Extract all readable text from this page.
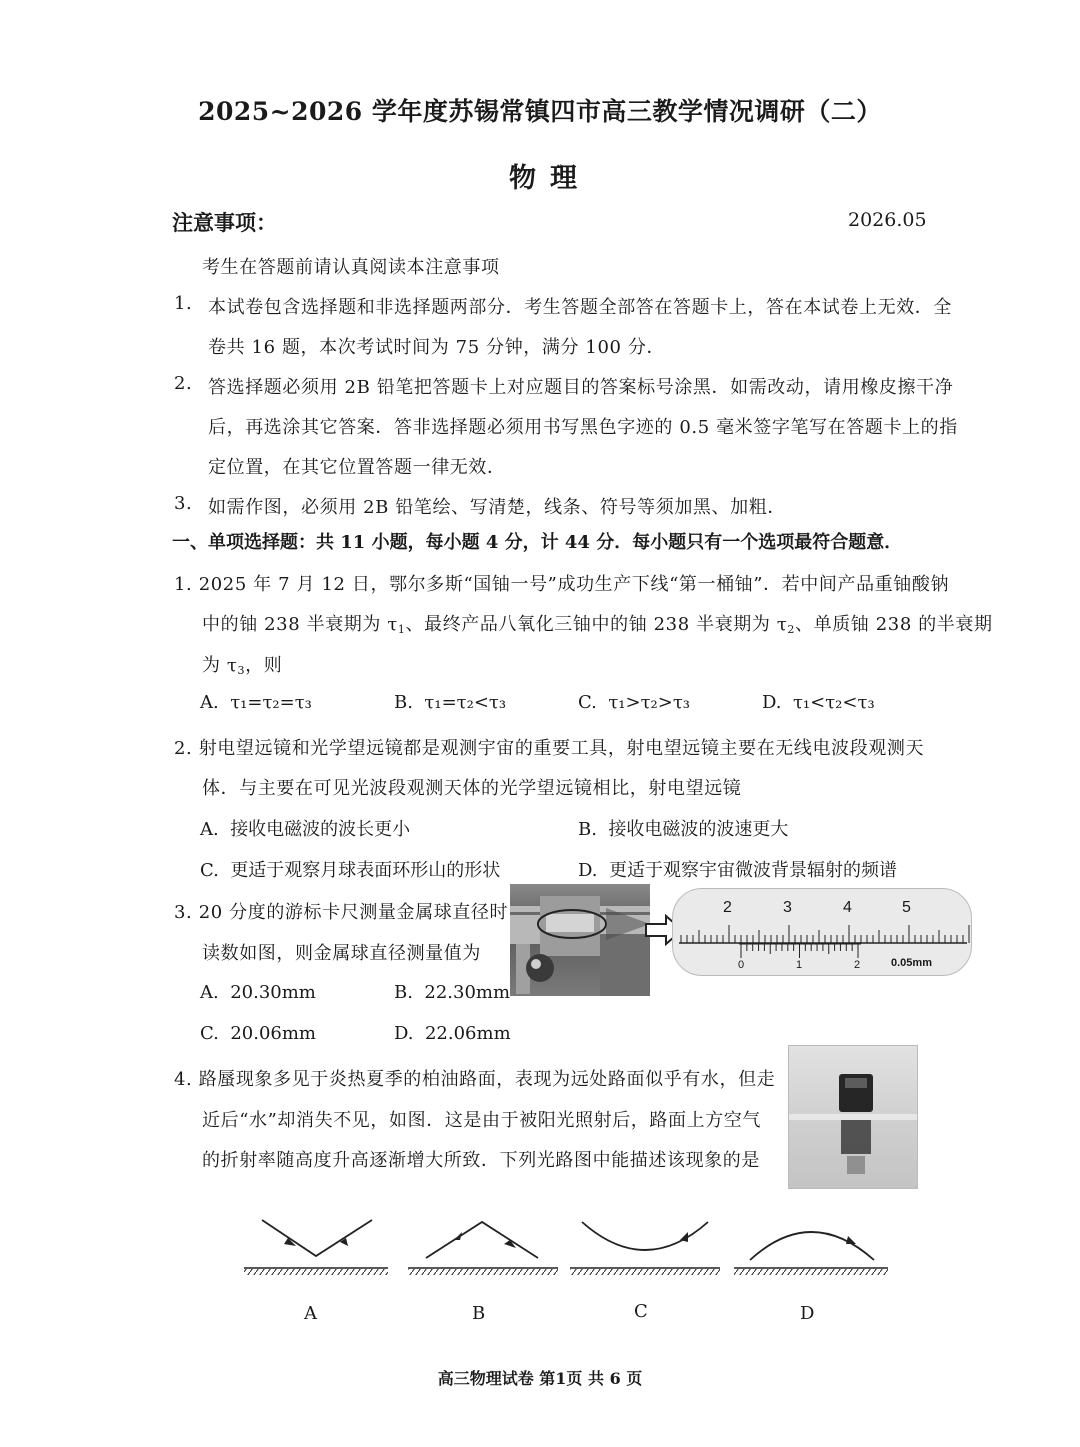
2025~2026 学年度苏锡常镇四市高三教学情况调研（二）
物理
注意事项：	2026.05
考生在答题前请认真阅读本注意事项
1. 本试卷包含选择题和非选择题两部分．考生答题全部答在答题卡上，答在本试卷上无效．全
卷共 16 题，本次考试时间为 75 分钟，满分 100 分．
2. 答选择题必须用 2B 铅笔把答题卡上对应题目的答案标号涂黑．如需改动，请用橡皮擦干净
后，再选涂其它答案．答非选择题必须用书写黑色字迹的 0.5 毫米签字笔写在答题卡上的指
定位置，在其它位置答题一律无效．
3. 如需作图，必须用 2B 铅笔绘、写清楚，线条、符号等须加黑、加粗．
一、单项选择题：共 11 小题，每小题 4 分，计 44 分．每小题只有一个选项最符合题意．
1. 2025 年 7 月 12 日，鄂尔多斯“国铀一号”成功生产下线“第一桶铀”．若中间产品重铀酸钠
中的铀 238 半衰期为 $\tau_1$、最终产品八氧化三铀中的铀 238 半衰期为 $\tau_2$、单质铀 238 的半衰期
为 $\tau_3$，则
A. τ₁=τ₂=τ₃	B. τ₁=τ₂<τ₃	C. τ₁>τ₂>τ₃	D. τ₁<τ₂<τ₃
2. 射电望远镜和光学望远镜都是观测宇宙的重要工具，射电望远镜主要在无线电波段观测天
体．与主要在可见光波段观测天体的光学望远镜相比，射电望远镜
A. 接收电磁波的波长更小	B. 接收电磁波的波速更大
C. 更适于观察月球表面环形山的形状	D. 更适于观察宇宙微波背景辐射的频谱
3. 20 分度的游标卡尺测量金属球直径时
读数如图，则金属球直径测量值为
A. 20.30mm	B. 22.30mm
C. 20.06mm	D. 22.06mm
2	3	4	5
0	1	2	0.05mm
4. 路蜃现象多见于炎热夏季的柏油路面，表现为远处路面似乎有水，但走
近后“水”却消失不见，如图．这是由于被阳光照射后，路面上方空气
的折射率随高度升高逐渐增大所致．下列光路图中能描述该现象的是
A	B	C	D
高三物理试卷 第1页 共 6 页
